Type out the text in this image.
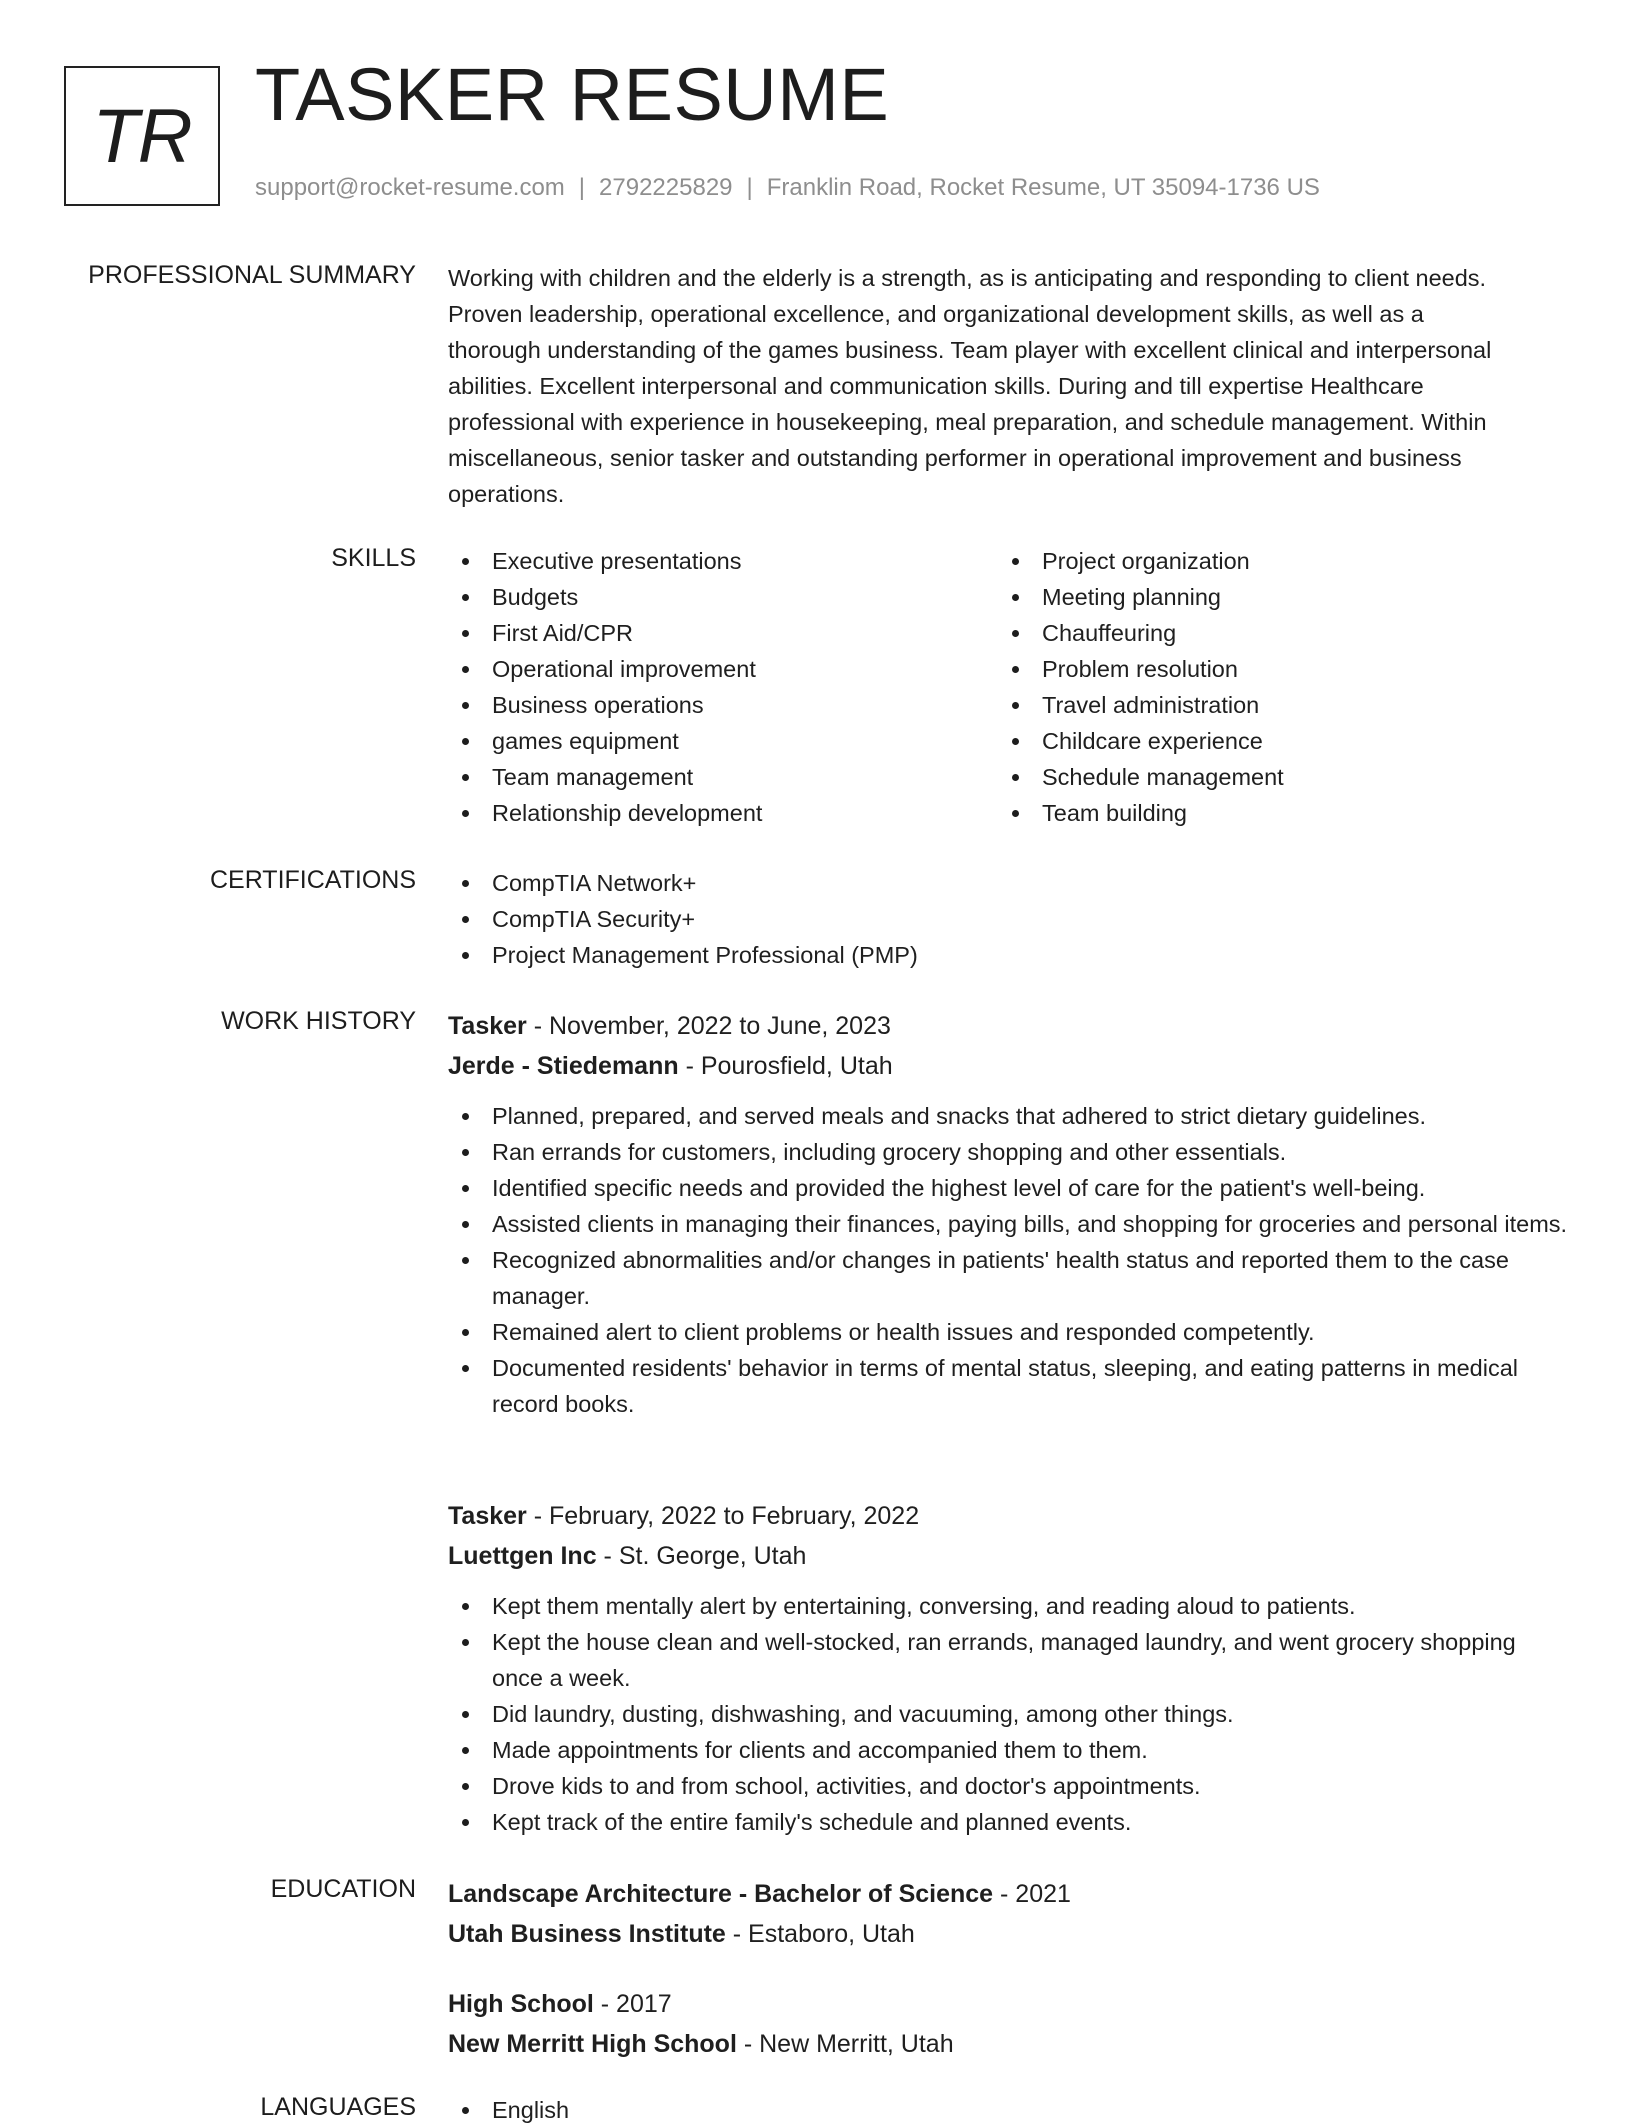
TR TASKER RESUME
support@rocket-resume.com | 2792225829 | Franklin Road, Rocket Resume, UT 35094-1736 US
PROFESSIONAL SUMMARY Working with children and the elderly is a strength, as is anticipating and responding to client needs.
Proven leadership, operational excellence, and organizational development skills, as well as a
thorough understanding of the games business. Team player with excellent clinical and interpersonal
abilities. Excellent interpersonal and communication skills. During and till expertise Healthcare
professional with experience in housekeeping, meal preparation, and schedule management. Within
miscellaneous, senior tasker and outstanding performer in operational improvement and business
operations.

SKILLS	Executive presentations
Budgets
First Aid/CPR
Operational improvement
Business operations
games equipment
Team management
Relationship development
Project organization
Meeting planning
Chauffeuring
Problem resolution
Travel administration
Childcare experience
Schedule management
Team building
CERTIFICATIONS	CompTIA Network+
CompTIA Security+
Project Management Professional (PMP)
WORK HISTORY Tasker - November, 2022 to June, 2023
Jerde - Stiedemann - Pourosfield, Utah
Planned, prepared, and served meals and snacks that adhered to strict dietary guidelines.
Ran errands for customers, including grocery shopping and other essentials.
Identified specific needs and provided the highest level of care for the patient's well-being.
Assisted clients in managing their finances, paying bills, and shopping for groceries and personal items.
Recognized abnormalities and/or changes in patients' health status and reported them to the case manager.
Remained alert to client problems or health issues and responded competently.
Documented residents' behavior in terms of mental status, sleeping, and eating patterns in medical record books.
Tasker - February, 2022 to February, 2022
Luettgen Inc - St. George, Utah
Kept them mentally alert by entertaining, conversing, and reading aloud to patients.
Kept the house clean and well-stocked, ran errands, managed laundry, and went grocery shopping once a week.
Did laundry, dusting, dishwashing, and vacuuming, among other things.
Made appointments for clients and accompanied them to them.
Drove kids to and from school, activities, and doctor's appointments.
Kept track of the entire family's schedule and planned events.
EDUCATION Landscape Architecture - Bachelor of Science - 2021
Utah Business Institute - Estaboro, Utah
High School - 2017
New Merritt High School - New Merritt, Utah
LANGUAGES	English
